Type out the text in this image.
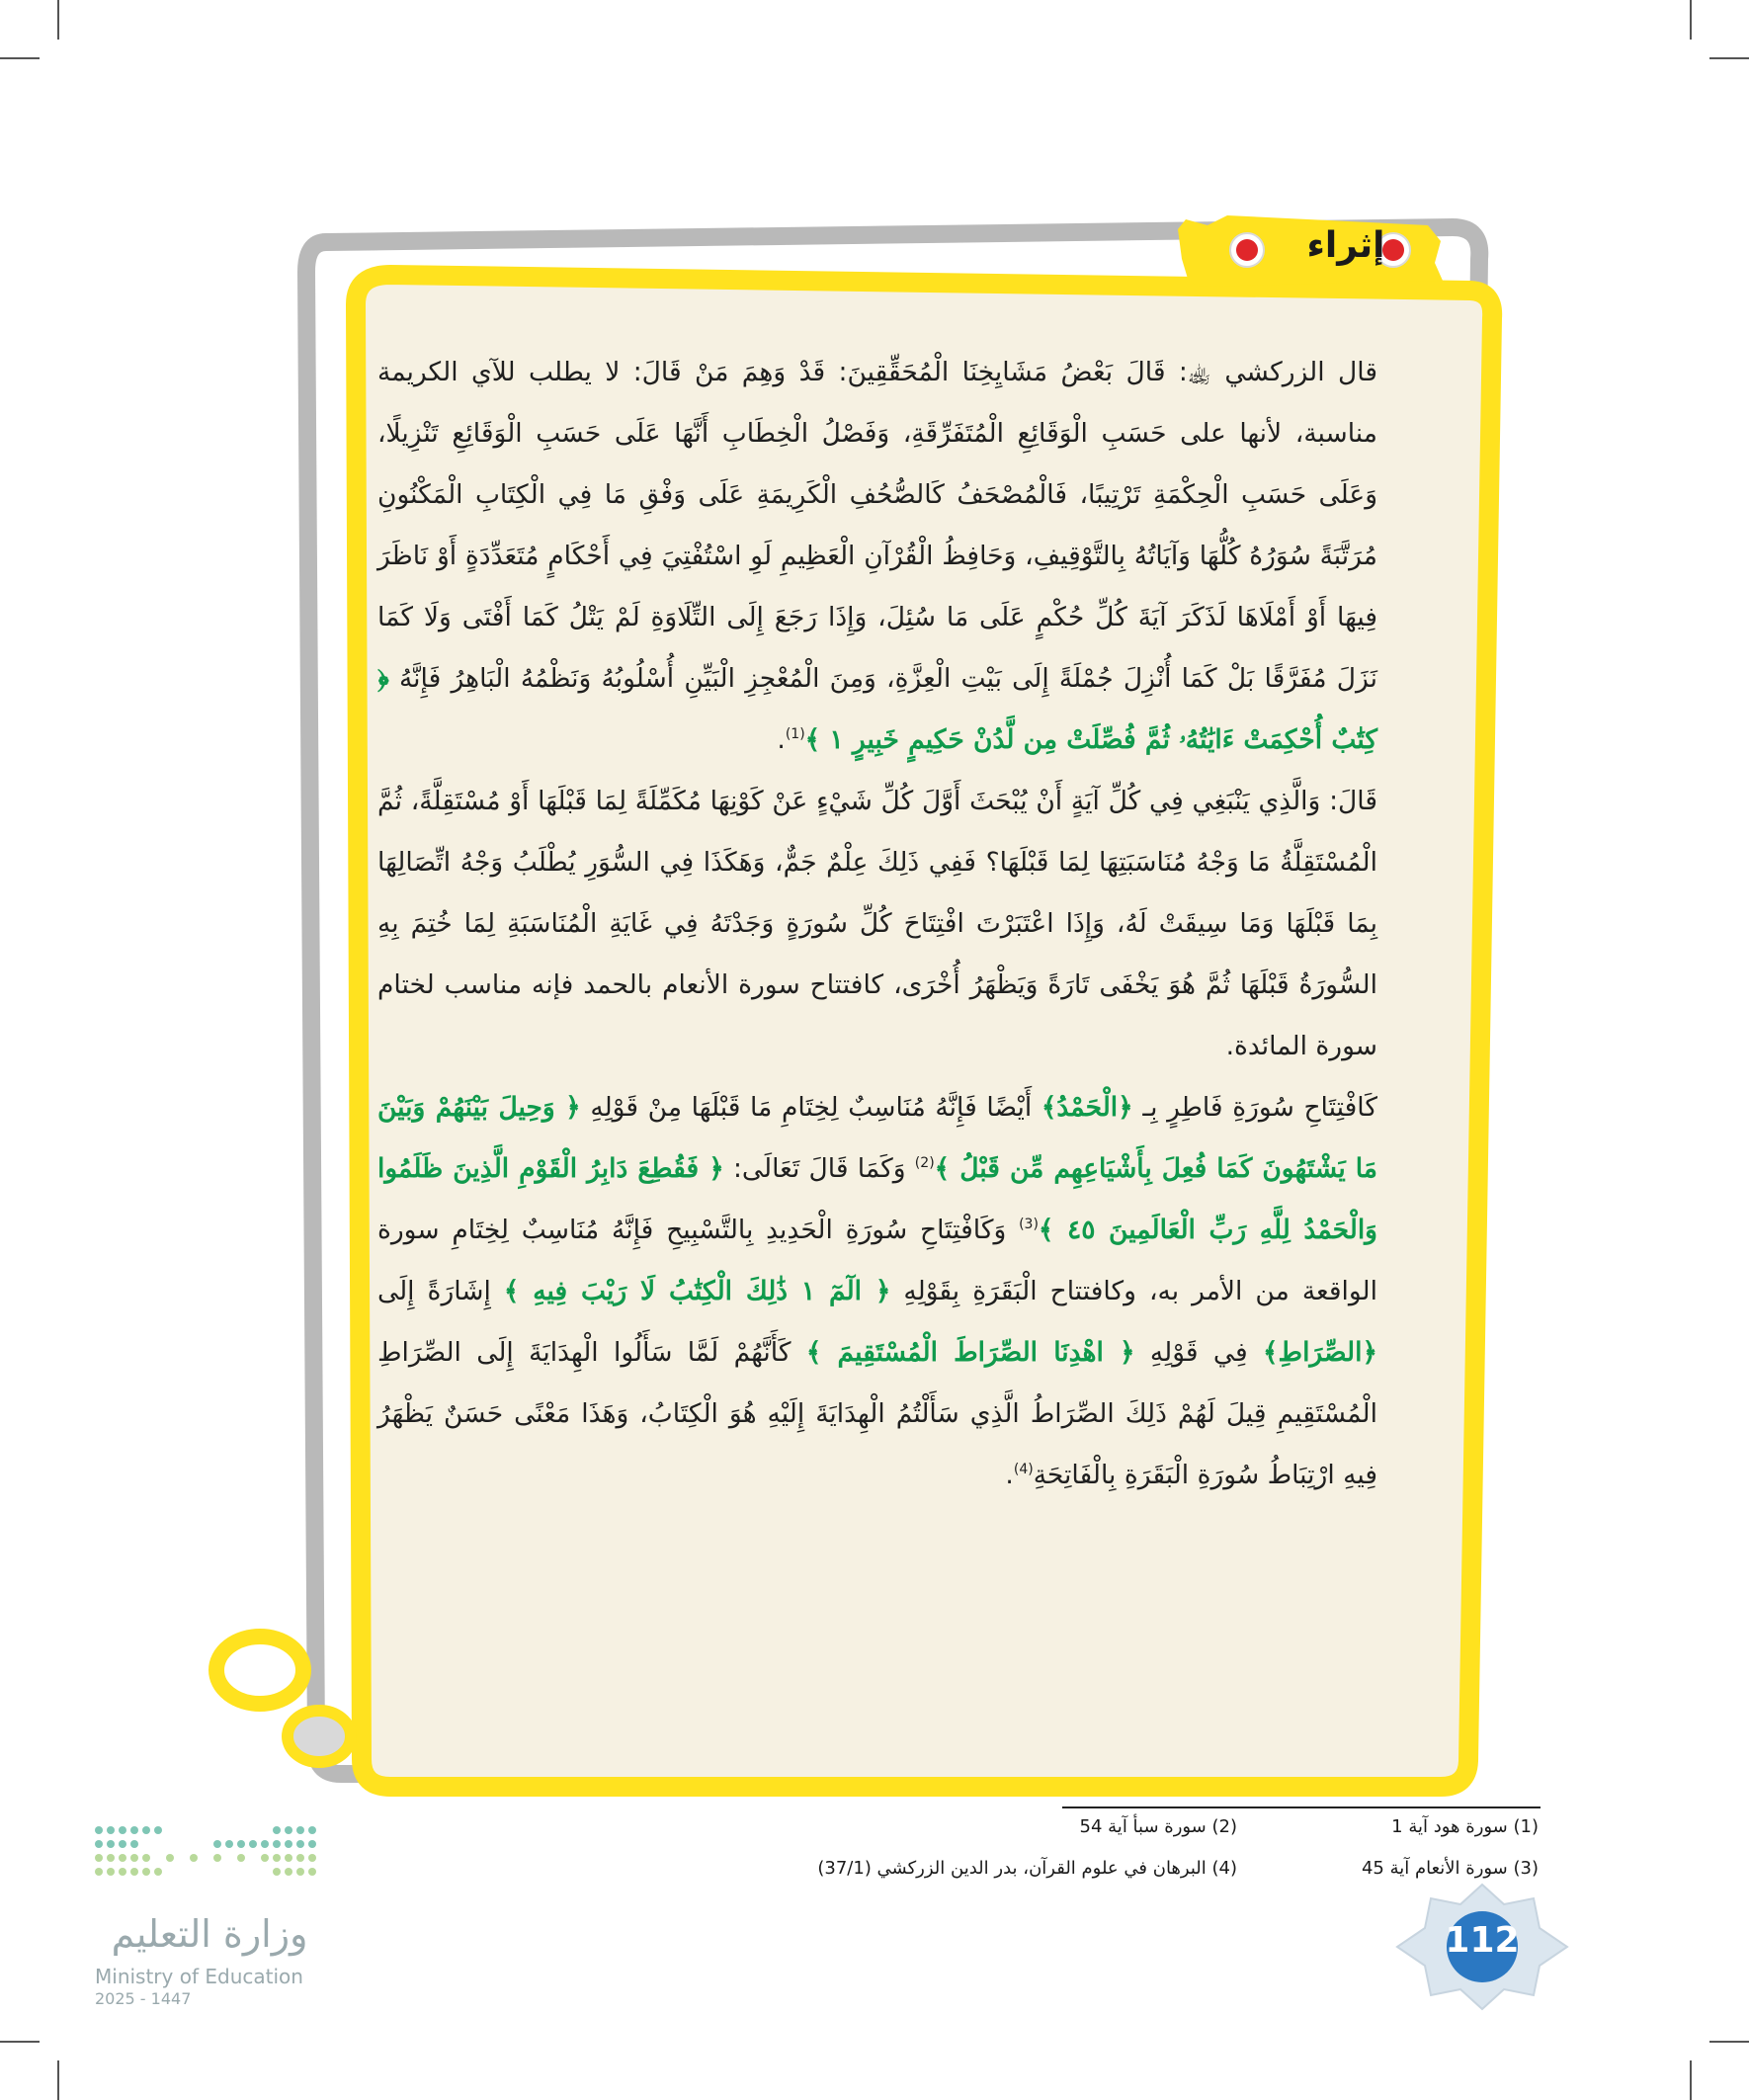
إثراء

قال الزركشي ﵀: قَالَ بَعْضُ مَشَايِخِنَا الْمُحَقِّقِينَ: قَدْ وَهِمَ مَنْ قَالَ: لا يطلب للآي الكريمة مناسبة، لأنها على حَسَبِ الْوَقَائِعِ الْمُتَفَرِّقَةِ، وَفَصْلُ الْخِطَابِ أَنَّهَا عَلَى حَسَبِ الْوَقَائِعِ تَنْزِيلًا، وَعَلَى حَسَبِ الْحِكْمَةِ تَرْتِيبًا، فَالْمُصْحَفُ كَالصُّحُفِ الْكَرِيمَةِ عَلَى وَفْقِ مَا فِي الْكِتَابِ الْمَكْنُونِ مُرَتَّبَةً سُوَرُهُ كُلُّهَا وَآيَاتُهُ بِالتَّوْقِيفِ، وَحَافِظُ الْقُرْآنِ الْعَظِيمِ لَوِ اسْتُفْتِيَ فِي أَحْكَامٍ مُتَعَدِّدَةٍ أَوْ نَاظَرَ فِيهَا أَوْ أَمْلَاهَا لَذَكَرَ آيَةَ كُلِّ حُكْمٍ عَلَى مَا سُئِلَ، وَإِذَا رَجَعَ إِلَى التِّلَاوَةِ لَمْ يَتْلُ كَمَا أَفْتَى وَلَا كَمَا نَزَلَ مُفَرَّقًا بَلْ كَمَا أُنْزِلَ جُمْلَةً إِلَى بَيْتِ الْعِزَّةِ، وَمِنَ الْمُعْجِزِ الْبَيِّنِ أُسْلُوبُهُ وَنَظْمُهُ الْبَاهِرُ فَإِنَّهُ ﴿ كِتَٰبٌ أُحْكِمَتْ ءَايَٰتُهُۥ ثُمَّ فُصِّلَتْ مِن لَّدُنْ حَكِيمٍ خَبِيرٍ ١ ﴾$^{(1)}$.

قَالَ: وَالَّذِي يَنْبَغِي فِي كُلِّ آيَةٍ أَنْ يُبْحَثَ أَوَّلَ كُلِّ شَيْءٍ عَنْ كَوْنِهَا مُكَمِّلَةً لِمَا قَبْلَهَا أَوْ مُسْتَقِلَّةً، ثُمَّ الْمُسْتَقِلَّةُ مَا وَجْهُ مُنَاسَبَتِهَا لِمَا قَبْلَهَا؟ فَفِي ذَلِكَ عِلْمٌ جَمٌّ، وَهَكَذَا فِي السُّوَرِ يُطْلَبُ وَجْهُ اتِّصَالِهَا بِمَا قَبْلَهَا وَمَا سِيقَتْ لَهُ، وَإِذَا اعْتَبَرْتَ افْتِتَاحَ كُلِّ سُورَةٍ وَجَدْتَهُ فِي غَايَةِ الْمُنَاسَبَةِ لِمَا خُتِمَ بِهِ السُّورَةُ قَبْلَهَا ثُمَّ هُوَ يَخْفَى تَارَةً وَيَظْهَرُ أُخْرَى، كافتتاح سورة الأنعام بالحمد فإنه مناسب لختام سورة المائدة.

كَافْتِتَاحِ سُورَةِ فَاطِرٍ بِـ ﴿الْحَمْدُ﴾ أَيْضًا فَإِنَّهُ مُنَاسِبٌ لِخِتَامِ مَا قَبْلَهَا مِنْ قَوْلِهِ ﴿ وَحِيلَ بَيْنَهُمْ وَبَيْنَ مَا يَشْتَهُونَ كَمَا فُعِلَ بِأَشْيَاعِهِم مِّن قَبْلُ ﴾$^{(2)}$ وَكَمَا قَالَ تَعَالَى: ﴿ فَقُطِعَ دَابِرُ الْقَوْمِ الَّذِينَ ظَلَمُوا وَالْحَمْدُ لِلَّهِ رَبِّ الْعَالَمِينَ ٤٥ ﴾$^{(3)}$ وَكَافْتِتَاحِ سُورَةِ الْحَدِيدِ بِالتَّسْبِيحِ فَإِنَّهُ مُنَاسِبٌ لِخِتَامِ سورة الواقعة من الأمر به، وكافتتاح الْبَقَرَةِ بِقَوْلِهِ ﴿ الٓمٓ ١ ذَٰلِكَ الْكِتَٰبُ لَا رَيْبَ فِيهِ ﴾ إِشَارَةً إِلَى ﴿الصِّرَاطِ﴾ فِي قَوْلِهِ ﴿ اهْدِنَا الصِّرَاطَ الْمُسْتَقِيمَ ﴾ كَأَنَّهُمْ لَمَّا سَأَلُوا الْهِدَايَةَ إِلَى الصِّرَاطِ الْمُسْتَقِيمِ قِيلَ لَهُمْ ذَلِكَ الصِّرَاطُ الَّذِي سَأَلْتُمُ الْهِدَايَةَ إِلَيْهِ هُوَ الْكِتَابُ، وَهَذَا مَعْنًى حَسَنٌ يَظْهَرُ فِيهِ ارْتِبَاطُ سُورَةِ الْبَقَرَةِ بِالْفَاتِحَةِ$^{(4)}$.

(1) سورة هود آية 1
(2) سورة سبأ آية 54
(3) سورة الأنعام آية 45
(4) البرهان في علوم القرآن، بدر الدين الزركشي (37/1)
وزارة التعليم
Ministry of Education
2025 - 1447
112
